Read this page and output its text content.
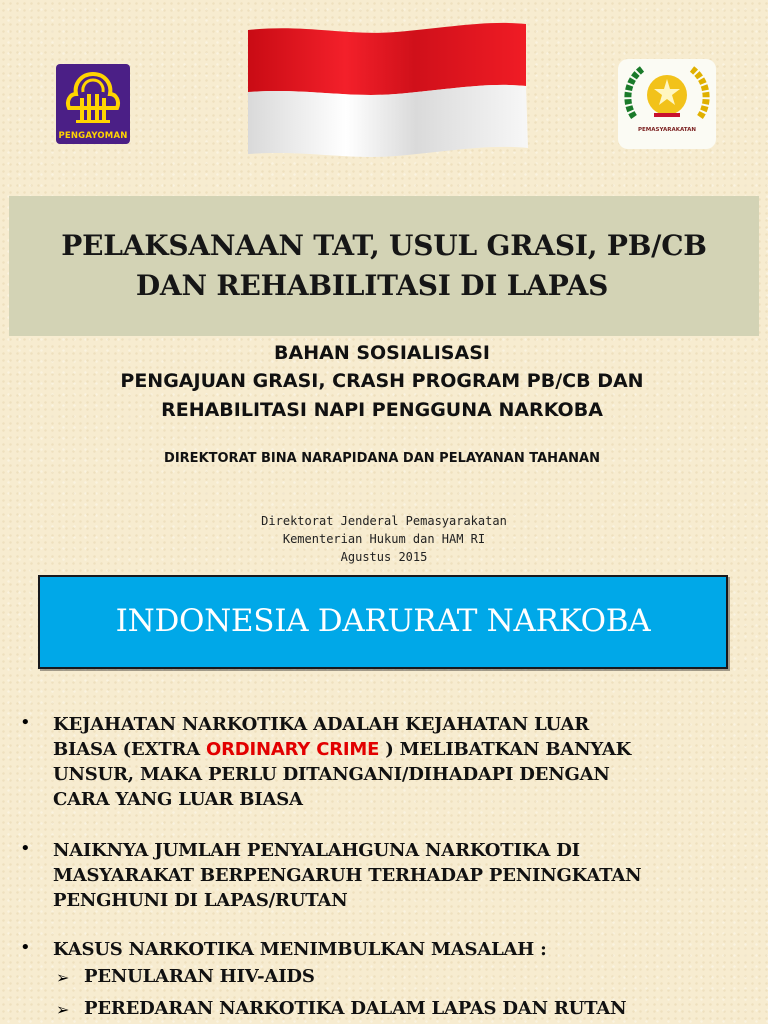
PENGAYOMAN
PEMASYARAKATAN
PELAKSANAAN TAT, USUL GRASI, PB/CB
DAN REHABILITASI DI LAPAS
BAHAN SOSIALISASI
PENGAJUAN GRASI, CRASH PROGRAM PB/CB DAN
REHABILITASI NAPI PENGGUNA NARKOBA
DIREKTORAT BINA NARAPIDANA DAN PELAYANAN TAHANAN
Direktorat Jenderal Pemasyarakatan
Kementerian Hukum dan HAM RI
Agustus 2015
INDONESIA DARURAT NARKOBA
• KEJAHATAN NARKOTIKA ADALAH KEJAHATAN LUAR
BIASA (EXTRA ORDINARY CRIME ) MELIBATKAN BANYAK
UNSUR, MAKA PERLU DITANGANI/DIHADAPI DENGAN
CARA YANG LUAR BIASA
• NAIKNYA JUMLAH PENYALAHGUNA NARKOTIKA DI
MASYARAKAT BERPENGARUH TERHADAP PENINGKATAN
PENGHUNI DI LAPAS/RUTAN
• KASUS NARKOTIKA MENIMBULKAN MASALAH :
➢ PENULARAN HIV-AIDS
➢ PEREDARAN NARKOTIKA DALAM LAPAS DAN RUTAN
